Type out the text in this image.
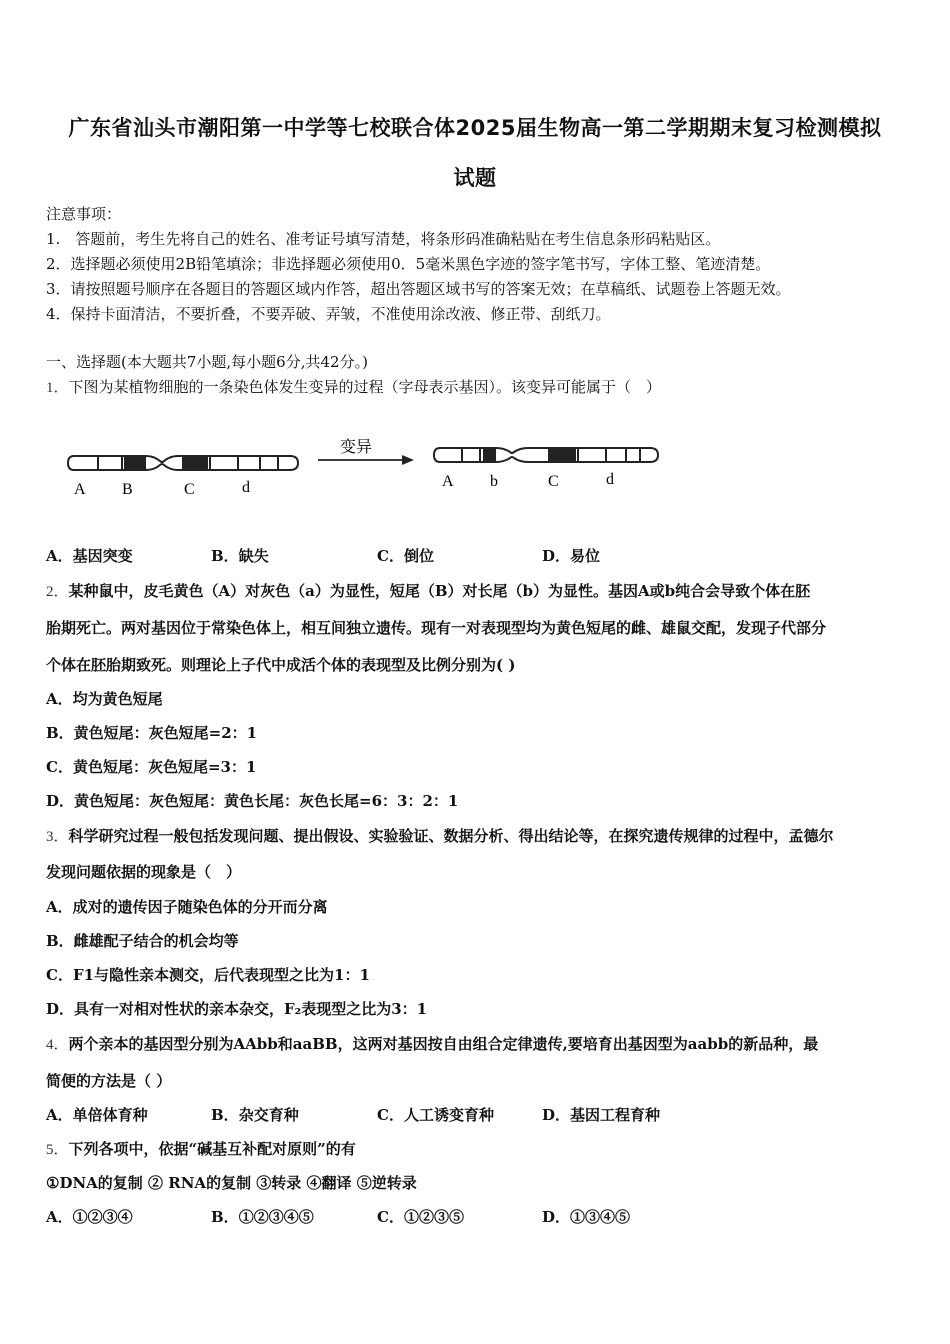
广东省汕头市潮阳第一中学等七校联合体2025届生物高一第二学期期末复习检测模拟
试题
注意事项：
1.　答题前，考生先将自己的姓名、准考证号填写清楚，将条形码准确粘贴在考生信息条形码粘贴区。
2．选择题必须使用2B铅笔填涂；非选择题必须使用0．5毫米黑色字迹的签字笔书写，字体工整、笔迹清楚。
3．请按照题号顺序在各题目的答题区域内作答，超出答题区域书写的答案无效；在草稿纸、试题卷上答题无效。
4．保持卡面清洁，不要折叠，不要弄破、弄皱，不准使用涂改液、修正带、刮纸刀。
一、选择题(本大题共7小题,每小题6分,共42分。)
1．下图为某植物细胞的一条染色体发生变异的过程（字母表示基因）。该变异可能属于（　）
A B	C	d
变异
A b	C	d
A．基因突变	B．缺失	C．倒位	D．易位
2．某种鼠中，皮毛黄色（A）对灰色（a）为显性，短尾（B）对长尾（b）为显性。基因A或b纯合会导致个体在胚
胎期死亡。两对基因位于常染色体上，相互间独立遗传。现有一对表现型均为黄色短尾的雌、雄鼠交配，发现子代部分
个体在胚胎期致死。则理论上子代中成活个体的表现型及比例分别为( )
A．均为黄色短尾
B．黄色短尾：灰色短尾=2：1
C．黄色短尾：灰色短尾=3：1
D．黄色短尾：灰色短尾：黄色长尾：灰色长尾=6：3：2：1
3．科学研究过程一般包括发现问题、提出假设、实验验证、数据分析、得出结论等，在探究遗传规律的过程中，孟德尔
发现问题依据的现象是（　）
A．成对的遗传因子随染色体的分开而分离
B．雌雄配子结合的机会均等
C．F1与隐性亲本测交，后代表现型之比为1：1
D．具有一对相对性状的亲本杂交，F₂表现型之比为3：1
4．两个亲本的基因型分别为AAbb和aaBB，这两对基因按自由组合定律遗传,要培育出基因型为aabb的新品种，最
简便的方法是（ ）
A．单倍体育种	B．杂交育种	C．人工诱变育种	D．基因工程育种
5．下列各项中，依据“碱基互补配对原则”的有
①DNA的复制 ② RNA的复制 ③转录 ④翻译 ⑤逆转录
A．①②③④	B．①②③④⑤	C．①②③⑤	D．①③④⑤
